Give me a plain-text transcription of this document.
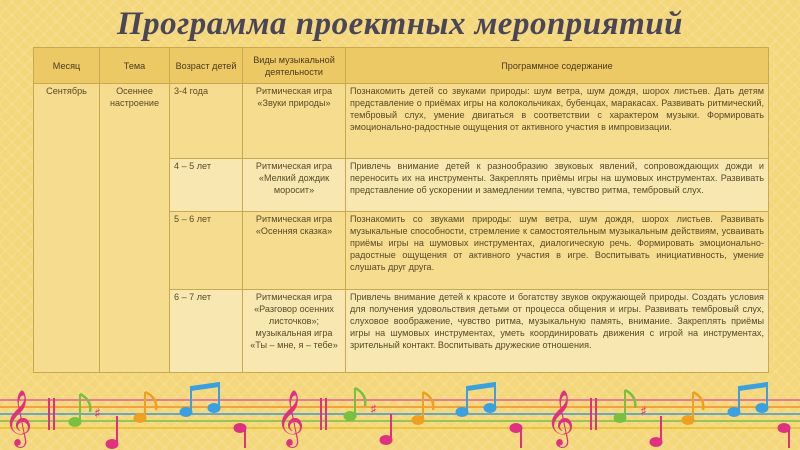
Программа проектных мероприятий
Месяц	Тема	Возраст детей	Виды музыкальной деятельности	Программное содержание
Сентябрь	Осеннее настроение	3-4 года	Ритмическая игра «Звуки природы»	Познакомить детей со звуками природы: шум ветра, шум дождя, шорох листьев. Дать детям представление о приёмах игры на колокольчиках, бубенцах, маракасах. Развивать ритмический, тембровый слух, умение двигаться в соответствии с характером музыки. Формировать эмоционально-радостные ощущения от активного участия в импровизации.
		4 – 5 лет	Ритмическая игра «Мелкий дождик моросит»	Привлечь внимание детей к разнообразию звуковых явлений, сопровождающих дожди и переносить их на инструменты. Закреплять приёмы игры на шумовых инструментах. Развивать представление об ускорении и замедлении темпа, чувство ритма, тембровый слух.
		5 – 6 лет	Ритмическая игра «Осенняя сказка»	Познакомить со звуками природы: шум ветра, шум дождя, шорох листьев. Развивать музыкальные способности, стремление к самостоятельным музыкальным действиям, усваивать приёмы игры на шумовых инструментах, диалогическую речь. Формировать эмоционально-радостные ощущения от активного участия в игре. Воспитывать инициативность, умение слушать друг друга.
		6 – 7 лет	Ритмическая игра «Разговор осенних листочков»; музыкальная игра «Ты – мне, я – тебе»	Привлечь внимание детей к красоте и богатству звуков окружающей природы. Создать условия для получения удовольствия детьми от процесса общения и игры. Развивать тембровый слух, слуховое воображение, чувство ритма, музыкальную память, внимание. Закреплять приёмы игры на шумовых инструментах, уметь координировать движения с игрой на инструментах, зрительный контакт. Воспитывать дружеские отношения.
𝄞	𝄞	𝄞
♯	♯	♯
